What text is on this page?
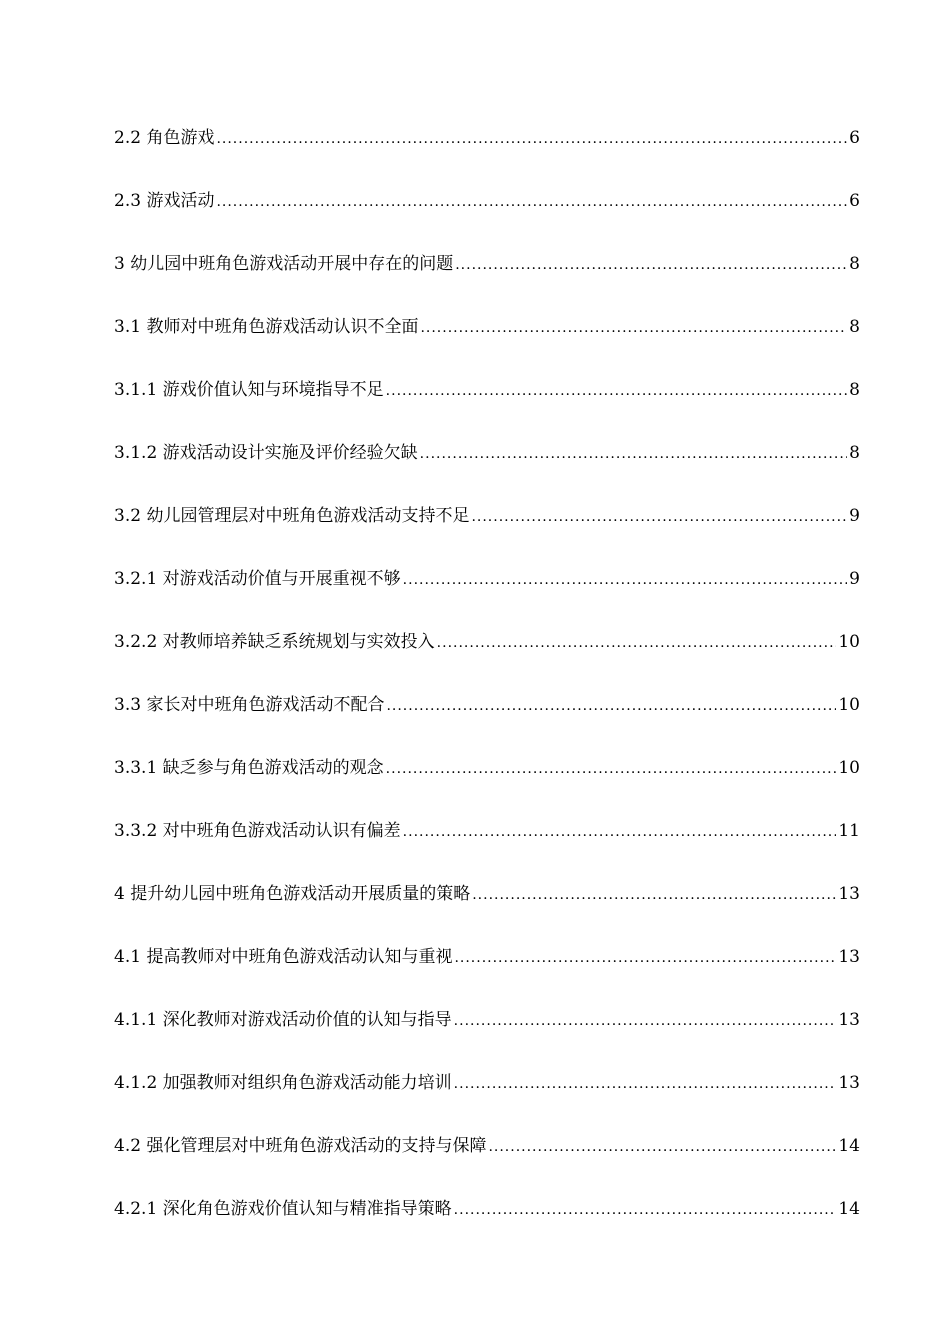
2.2 角色游戏 .....	6
2.3 游戏活动 .....	6
3 幼儿园中班角色游戏活动开展中存在的问题 .....	8
3.1 教师对中班角色游戏活动认识不全面 .....	8
3.1.1 游戏价值认知与环境指导不足 .....	8
3.1.2 游戏活动设计实施及评价经验欠缺 .....	8
3.2 幼儿园管理层对中班角色游戏活动支持不足 .....	9
3.2.1 对游戏活动价值与开展重视不够 .....	9
3.2.2 对教师培养缺乏系统规划与实效投入 .....	10
3.3 家长对中班角色游戏活动不配合 .....	10
3.3.1 缺乏参与角色游戏活动的观念 .....	10
3.3.2 对中班角色游戏活动认识有偏差 .....	11
4 提升幼儿园中班角色游戏活动开展质量的策略 .....	13
4.1 提高教师对中班角色游戏活动认知与重视 .....	13
4.1.1 深化教师对游戏活动价值的认知与指导 .....	13
4.1.2 加强教师对组织角色游戏活动能力培训 .....	13
4.2 强化管理层对中班角色游戏活动的支持与保障 .....	14
4.2.1 深化角色游戏价值认知与精准指导策略 .....	14
